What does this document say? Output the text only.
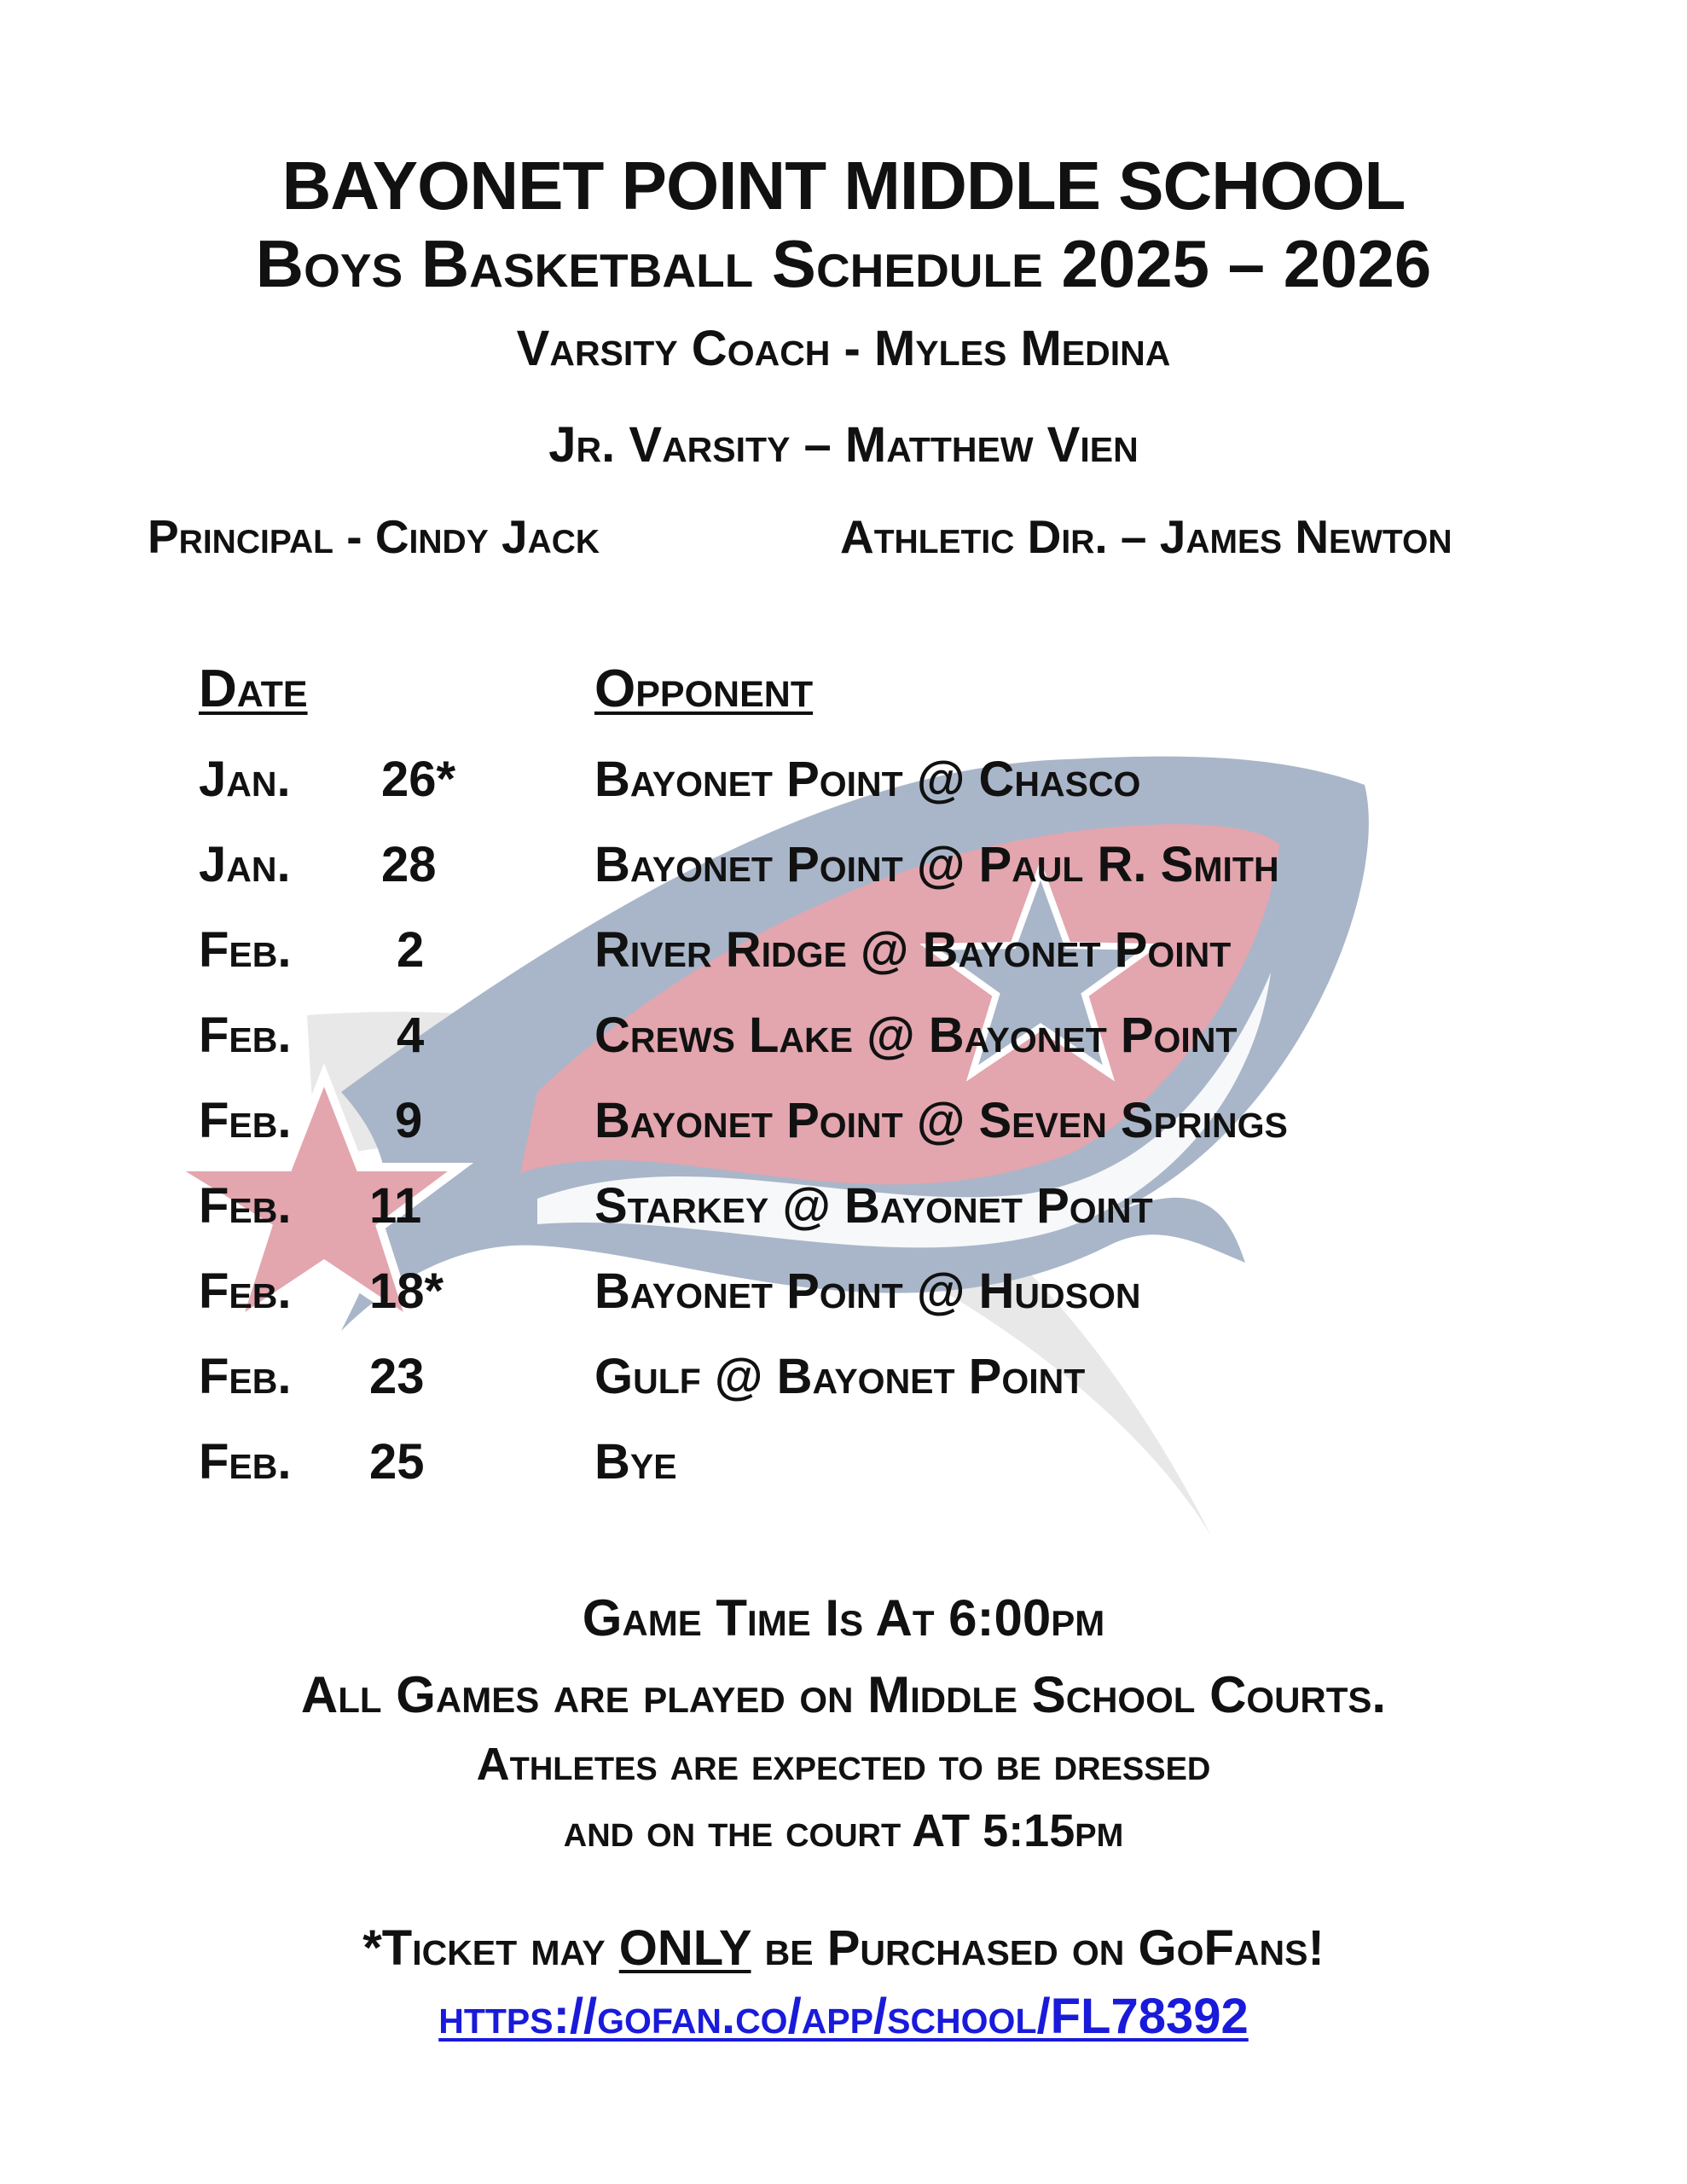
BAYONET POINT MIDDLE SCHOOL
Boys Basketball Schedule 2025 – 2026
Varsity Coach - Myles Medina
Jr. Varsity – Matthew Vien
Principal - Cindy Jack	Athletic Dir. – James Newton
Date	Opponent
Jan. 26*	Bayonet Point @ Chasco
Jan. 28	Bayonet Point @ Paul R. Smith
Feb. 2	River Ridge @ Bayonet Point
Feb. 4	Crews Lake @ Bayonet Point
Feb. 9	Bayonet Point @ Seven Springs
Feb. 11	Starkey @ Bayonet Point
Feb. 18*	Bayonet Point @ Hudson
Feb. 23	Gulf @ Bayonet Point
Feb. 25	Bye
Game Time Is At 6:00pm
All Games are played on Middle School Courts.
Athletes are expected to be dressed
and on the court AT 5:15pm
*Ticket may ONLY be Purchased on GoFans!
https://gofan.co/app/school/FL78392
